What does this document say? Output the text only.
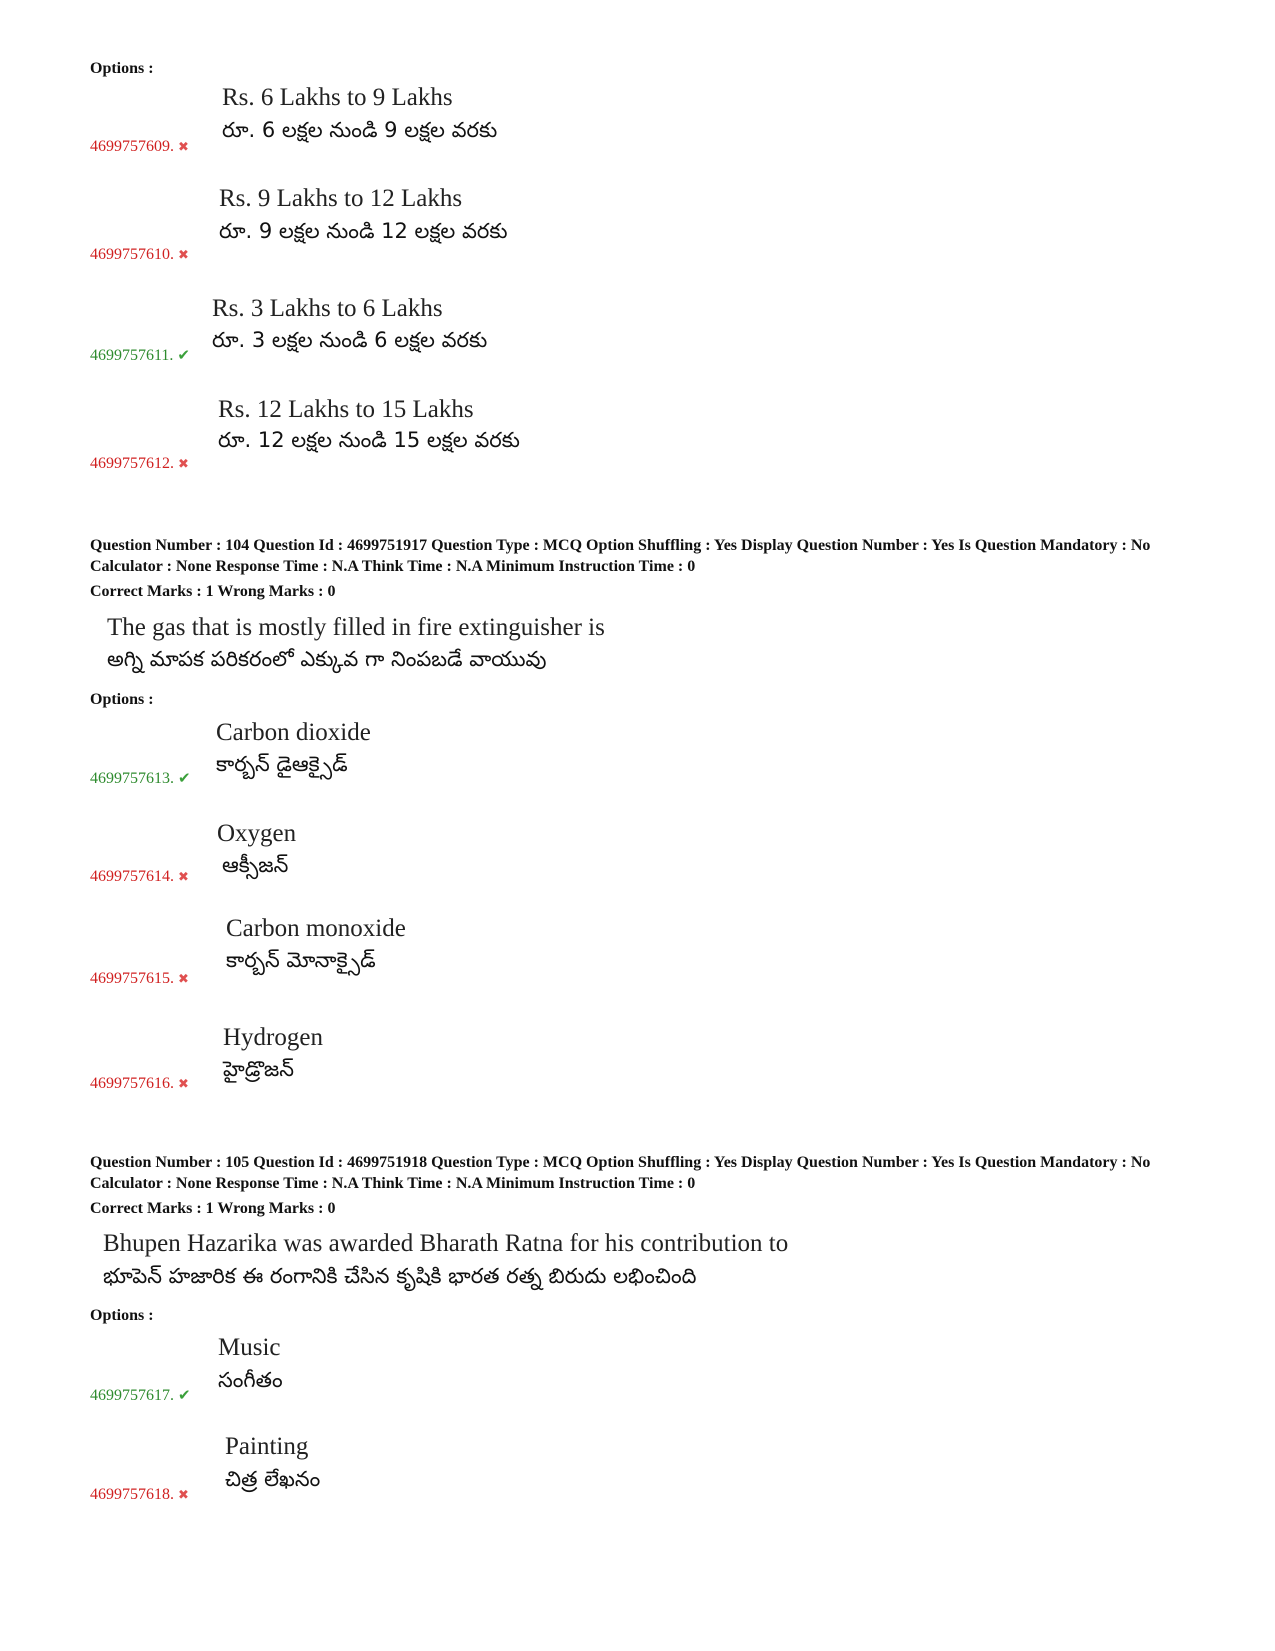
Options :
Rs. 6 Lakhs to 9 Lakhs
రూ. 6 లక్షల నుండి 9 లక్షల వరకు
4699757609. ✖
Rs. 9 Lakhs to 12 Lakhs
రూ. 9 లక్షల నుండి 12 లక్షల వరకు
4699757610. ✖
Rs. 3 Lakhs to 6 Lakhs
రూ. 3 లక్షల నుండి 6 లక్షల వరకు
4699757611. ✔
Rs. 12 Lakhs to 15 Lakhs
రూ. 12 లక్షల నుండి 15 లక్షల వరకు
4699757612. ✖
Question Number : 104 Question Id : 4699751917 Question Type : MCQ Option Shuffling : Yes Display Question Number : Yes Is Question Mandatory : No Calculator : None Response Time : N.A Think Time : N.A Minimum Instruction Time : 0
Correct Marks : 1 Wrong Marks : 0
The gas that is mostly filled in fire extinguisher is
అగ్ని మాపక పరికరంలో ఎక్కువ గా నింపబడే వాయువు
Options :
Carbon dioxide
కార్బన్ డైఆక్సైడ్
4699757613. ✔
Oxygen
ఆక్సీజన్
4699757614. ✖
Carbon monoxide
కార్బన్ మోనాక్సైడ్
4699757615. ✖
Hydrogen
హైడ్రొజన్
4699757616. ✖
Question Number : 105 Question Id : 4699751918 Question Type : MCQ Option Shuffling : Yes Display Question Number : Yes Is Question Mandatory : No Calculator : None Response Time : N.A Think Time : N.A Minimum Instruction Time : 0
Correct Marks : 1 Wrong Marks : 0
Bhupen Hazarika was awarded Bharath Ratna for his contribution to
భూపెన్ హజారిక ఈ రంగానికి చేసిన కృషికి భారత రత్న బిరుదు లభించింది
Options :
Music
సంగీతం
4699757617. ✔
Painting
చిత్ర లేఖనం
4699757618. ✖
